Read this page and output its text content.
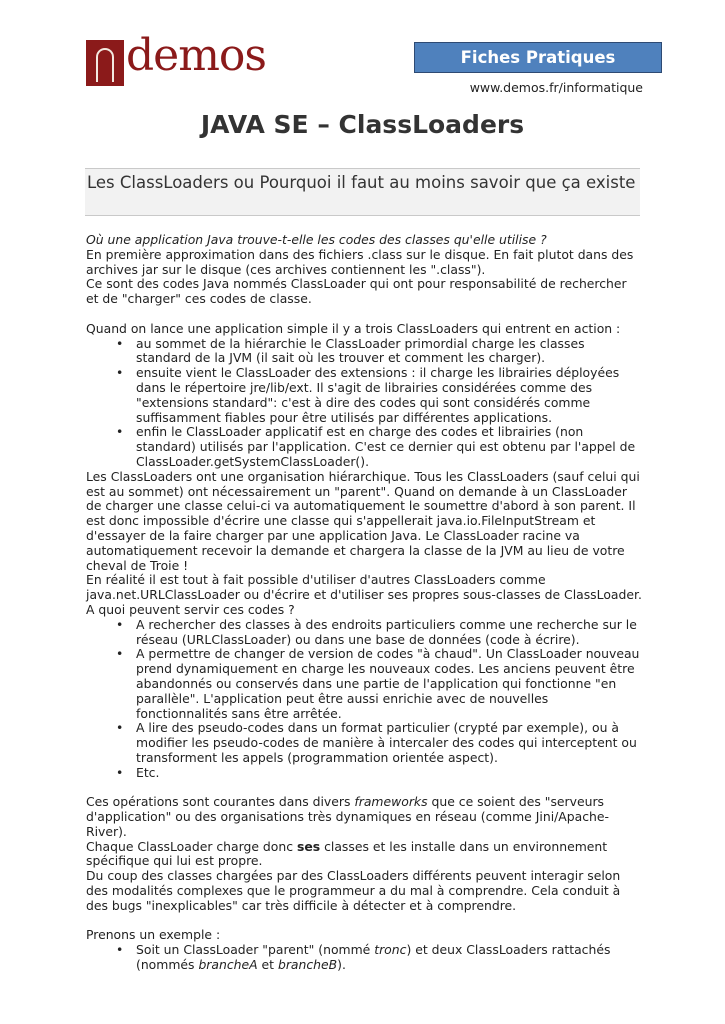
demos	Fiches Pratiques
www.demos.fr/informatique
JAVA SE – ClassLoaders
Les ClassLoaders ou Pourquoi il faut au moins savoir que ça existe

Où une application Java trouve-t-elle les codes des classes qu'elle utilise ?

En première approximation dans des fichiers .class sur le disque. En fait plutot dans des archives jar sur le disque (ces archives contiennent les ".class").

Ce sont des codes Java nommés ClassLoader qui ont pour responsabilité de rechercher et de "charger" ces codes de classe.

Quand on lance une application simple il y a trois ClassLoaders qui entrent en action :

• au sommet de la hiérarchie le ClassLoader primordial charge les classes standard de la JVM (il sait où les trouver et comment les charger).
• ensuite vient le ClassLoader des extensions : il charge les librairies déployées dans le répertoire jre/lib/ext. Il s'agit de librairies considérées comme des "extensions standard": c'est à dire des codes qui sont considérés comme suffisamment fiables pour être utilisés par différentes applications.
• enfin le ClassLoader applicatif est en charge des codes et librairies (non standard) utilisés par l'application. C'est ce dernier qui est obtenu par l'appel de ClassLoader.getSystemClassLoader().

Les ClassLoaders ont une organisation hiérarchique. Tous les ClassLoaders (sauf celui qui est au sommet) ont nécessairement un "parent". Quand on demande à un ClassLoader de charger une classe celui-ci va automatiquement le soumettre d'abord à son parent. Il est donc impossible d'écrire une classe qui s'appellerait java.io.FileInputStream et d'essayer de la faire charger par une application Java. Le ClassLoader racine va automatiquement recevoir la demande et chargera la classe de la JVM au lieu de votre cheval de Troie !

En réalité il est tout à fait possible d'utiliser d'autres ClassLoaders comme java.net.URLClassLoader ou d'écrire et d'utiliser ses propres sous-classes de ClassLoader.

A quoi peuvent servir ces codes ?

• A rechercher des classes à des endroits particuliers comme une recherche sur le réseau (URLClassLoader) ou dans une base de données (code à écrire).
• A permettre de changer de version de codes "à chaud". Un ClassLoader nouveau prend dynamiquement en charge les nouveaux codes. Les anciens peuvent être abandonnés ou conservés dans une partie de l'application qui fonctionne "en parallèle". L'application peut être aussi enrichie avec de nouvelles fonctionnalités sans être arrêtée.
• A lire des pseudo-codes dans un format particulier (crypté par exemple), ou à modifier les pseudo-codes de manière à intercaler des codes qui interceptent ou transforment les appels (programmation orientée aspect).
• Etc.

Ces opérations sont courantes dans divers frameworks que ce soient des "serveurs d'application" ou des organisations très dynamiques en réseau (comme Jini/Apache-River).

Chaque ClassLoader charge donc ses classes et les installe dans un environnement spécifique qui lui est propre.

Du coup des classes chargées par des ClassLoaders différents peuvent interagir selon des modalités complexes que le programmeur a du mal à comprendre. Cela conduit à des bugs "inexplicables" car très difficile à détecter et à comprendre.

Prenons un exemple :

• Soit un ClassLoader "parent" (nommé tronc) et deux ClassLoaders rattachés (nommés brancheA et brancheB).
